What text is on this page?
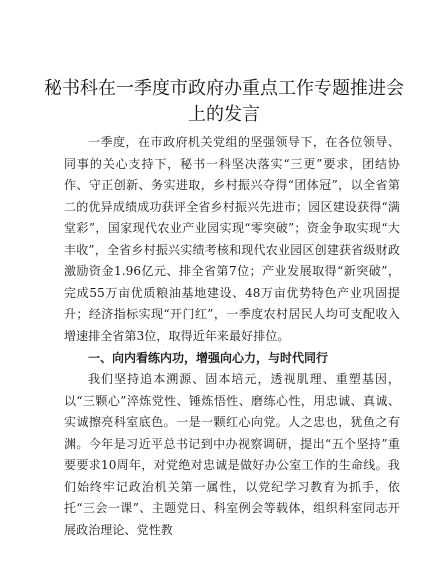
秘书科在一季度市政府办重点工作专题推进会上的发言

一季度，在市政府机关党组的坚强领导下，在各位领导、同事的关心支持下，秘书一科坚决落实“三更”要求，团结协作、守正创新、务实进取，乡村振兴夺得“团体冠”，以全省第二的优异成绩成功获评全省乡村振兴先进市；园区建设获得“满堂彩”，国家现代农业产业园实现“零突破”；资金争取实现“大丰收”，全省乡村振兴实绩考核和现代农业园区创建获省级财政激励资金1.96亿元、排全省第7位；产业发展取得“新突破”，完成55万亩优质粮油基地建设、48万亩优势特色产业巩固提升；经济指标实现“开门红”，一季度农村居民人均可支配收入增速排全省第3位，取得近年来最好排位。

一、向内看练内功，增强向心力，与时代同行

我们坚持追本溯源、固本培元，透视肌理、重塑基因，以“三颗心”淬炼党性、锤炼悟性、磨练心性，用忠诚、真诚、实诚擦亮科室底色。一是一颗红心向党。人之忠也，犹鱼之有渊。今年是习近平总书记到中办视察调研，提出“五个坚持”重要要求10周年，对党绝对忠诚是做好办公室工作的生命线。我们始终牢记政治机关第一属性，以党纪学习教育为抓手，依托“三会一课”、主题党日、科室例会等载体，组织科室同志开展政治理论、党性教
